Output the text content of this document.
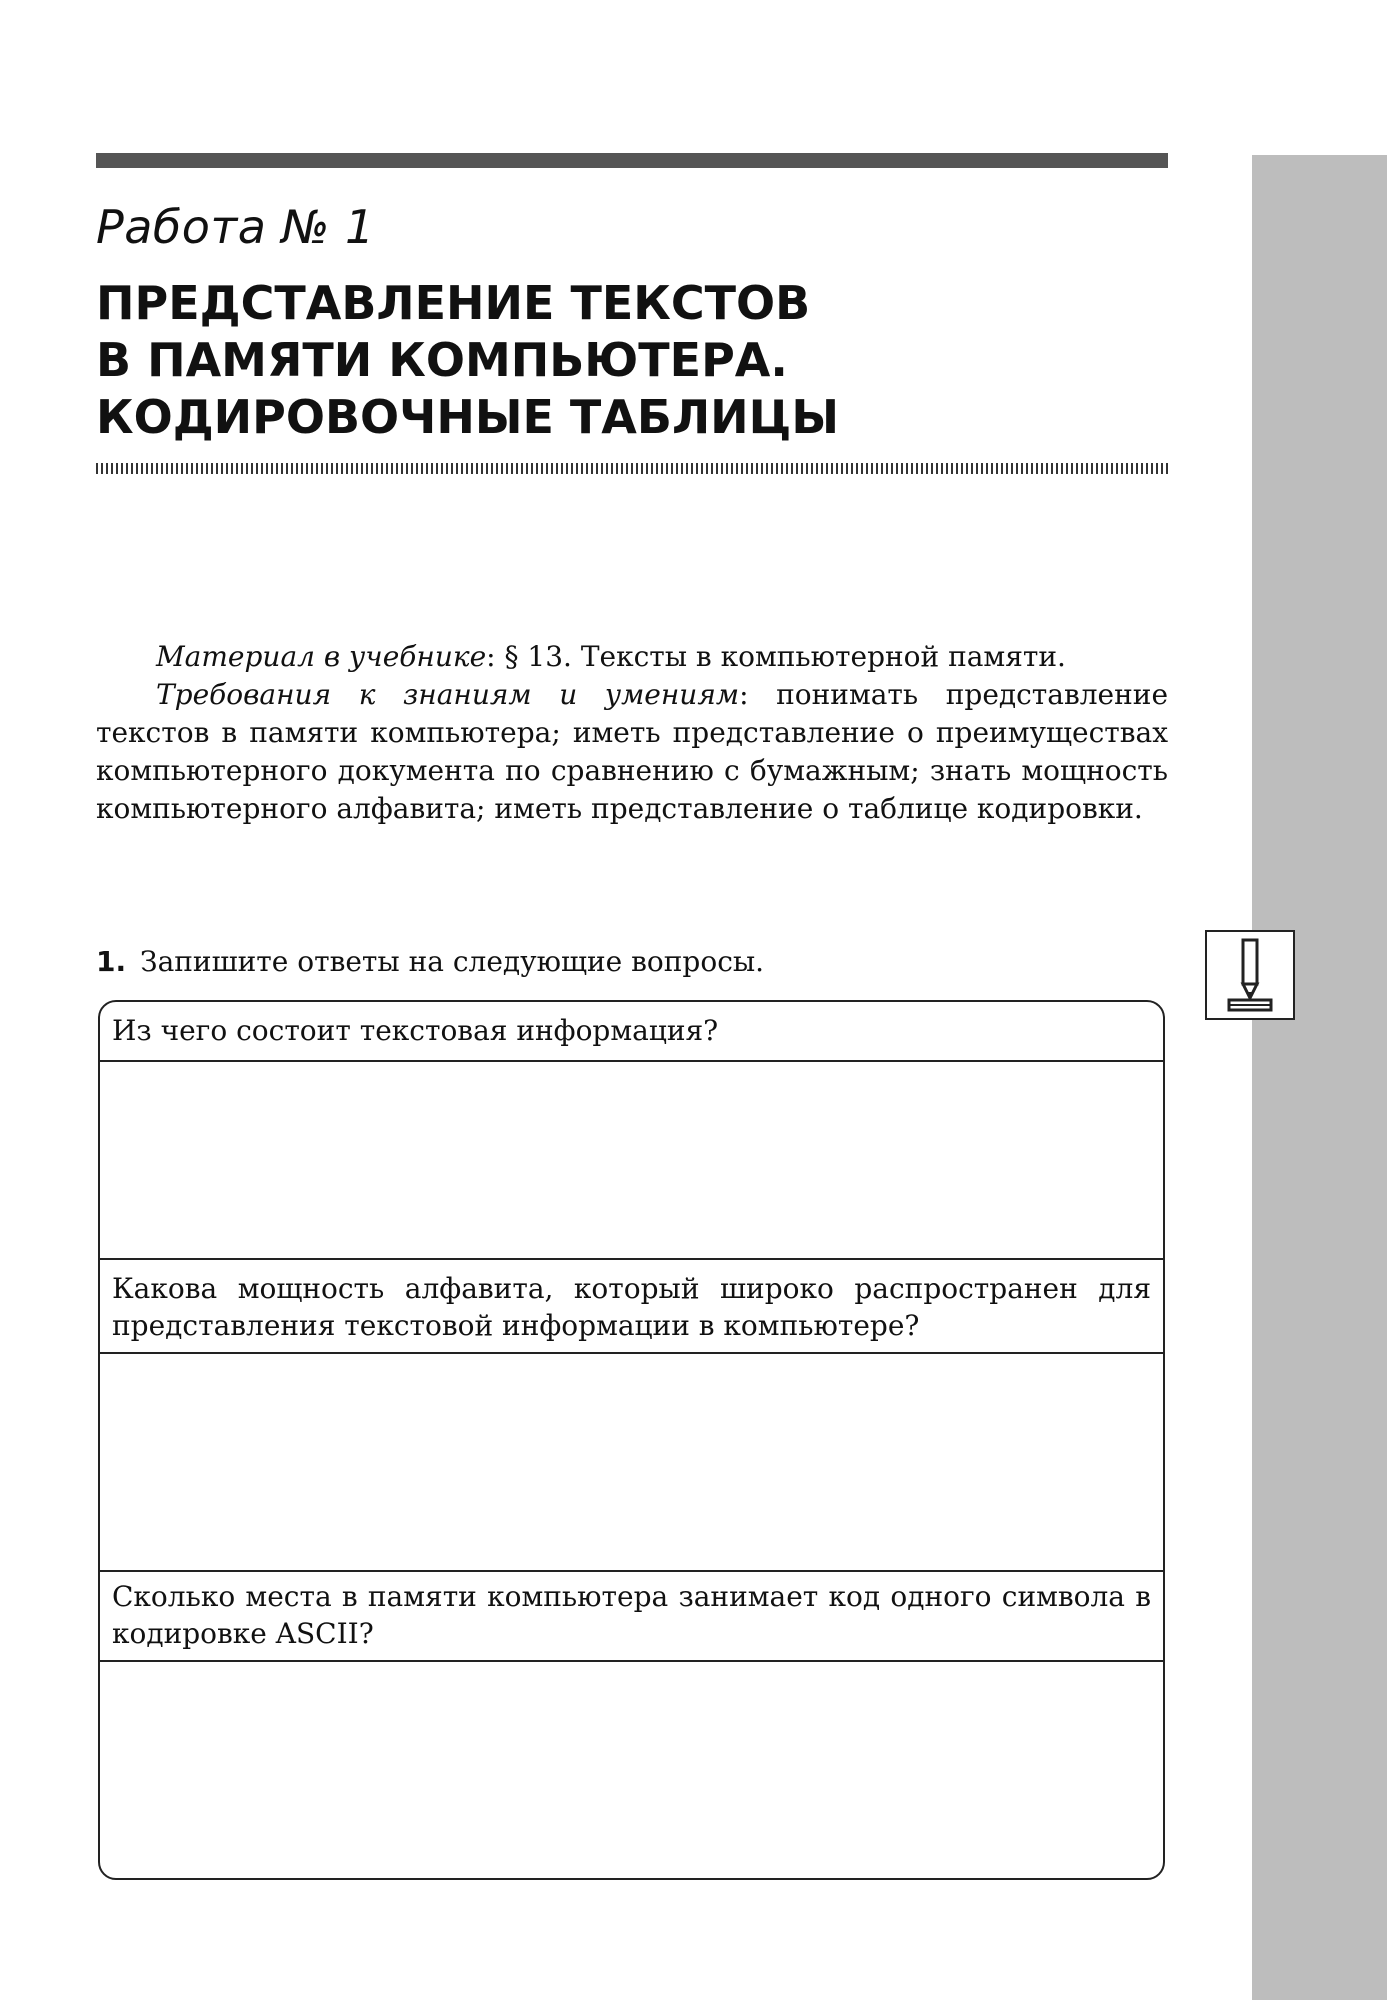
Работа № 1
ПРЕДСТАВЛЕНИЕ ТЕКСТОВ
В ПАМЯТИ КОМПЬЮТЕРА.
КОДИРОВОЧНЫЕ ТАБЛИЦЫ

Материал в учебнике: § 13. Тексты в компьютерной памяти.

Требования к знаниям и умениям: понимать представление текстов в памяти компьютера; иметь представление о преимуществах компьютерного документа по сравнению с бумажным; знать мощность компьютерного алфавита; иметь представление о таблице кодировки.

1. Запишите ответы на следующие вопросы.
Из чего состоит текстовая информация?
Какова мощность алфавита, который широко распространен для представления текстовой информации в компьютере?
Сколько места в памяти компьютера занимает код одного символа в кодировке ASCII?
